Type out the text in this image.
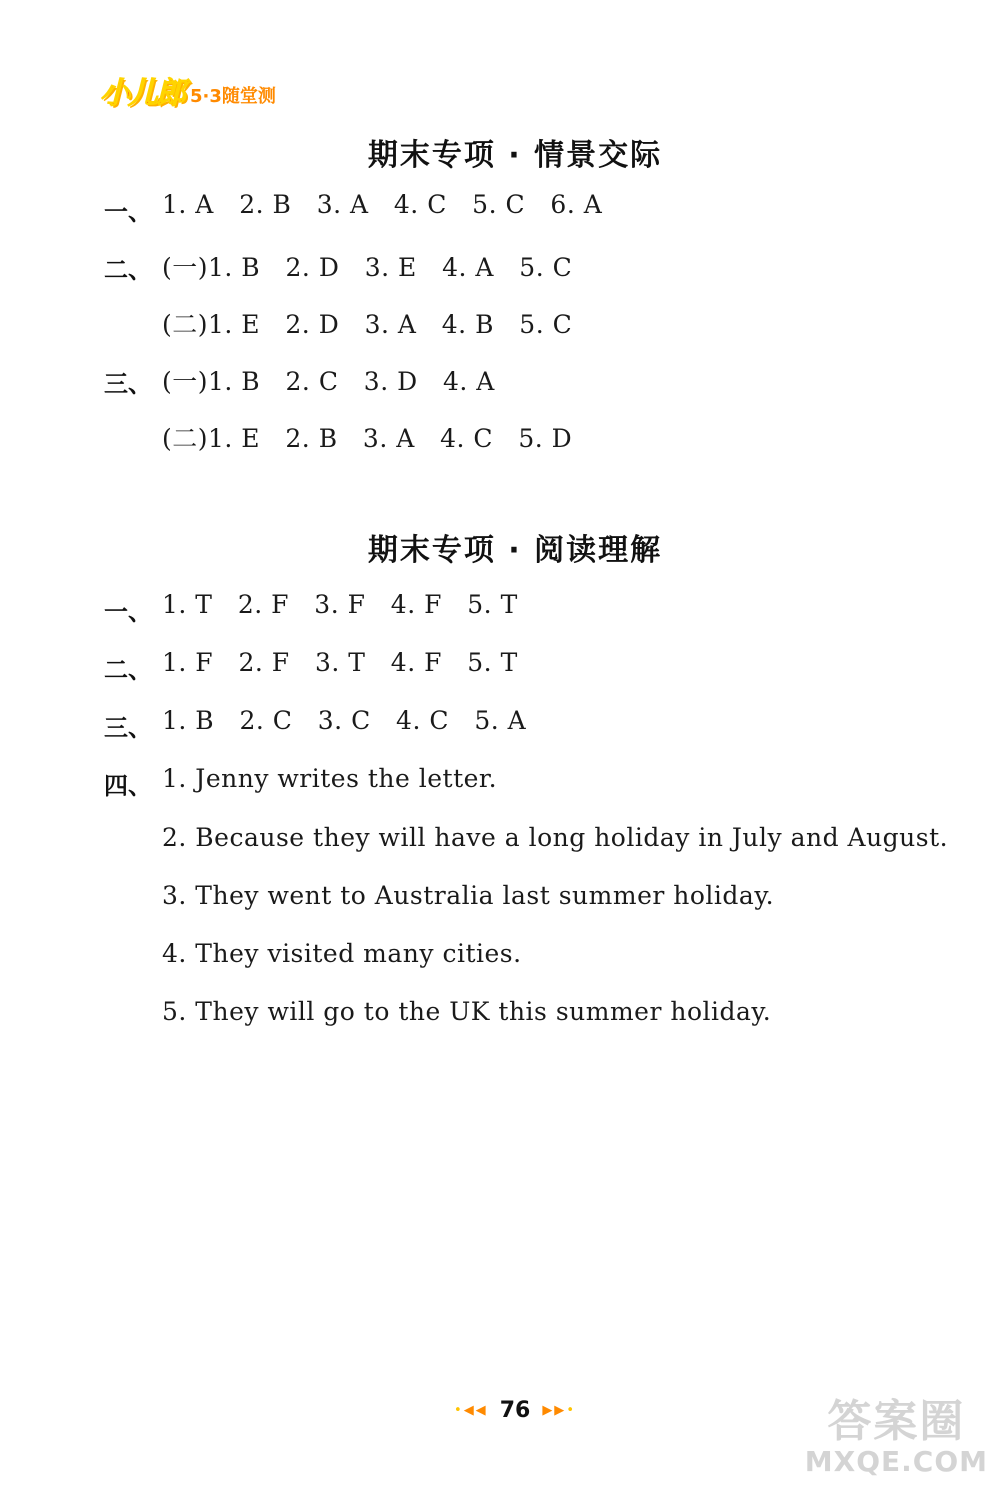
小儿郎 5·3随堂测
期末专项 · 情景交际
一、 1. A   2. B   3. A   4. C   5. C   6. A
二、 (一)1. B   2. D   3. E   4. A   5. C
(二)1. E   2. D   3. A   4. B   5. C
三、 (一)1. B   2. C   3. D   4. A
(二)1. E   2. B   3. A   4. C   5. D
期末专项 · 阅读理解
一、 1. T   2. F   3. F   4. F   5. T
二、 1. F   2. F   3. T   4. F   5. T
三、 1. B   2. C   3. C   4. C   5. A
四、 1. Jenny writes the letter.
2. Because they will have a long holiday in July and August.
3. They went to Australia last summer holiday.
4. They visited many cities.
5. They will go to the UK this summer holiday.
•◀◀ 76 ▶▶•	答案圈
MXQE.COM
